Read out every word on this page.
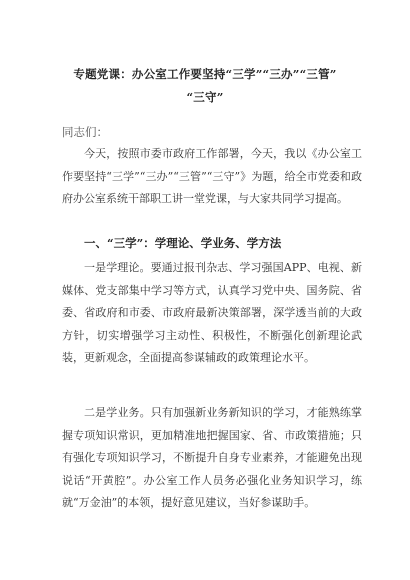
专题党课：办公室工作要坚持“三学”“三办”“三管”
“三守”
同志们：

今天，按照市委市政府工作部署，今天，我以《办公室工作要坚持“三学”“三办”“三管”“三守”》为题，给全市党委和政府办公室系统干部职工讲一堂党课，与大家共同学习提高。

一、“三学”：学理论、学业务、学方法

一是学理论。要通过报刊杂志、学习强国APP、电视、新媒体、党支部集中学习等方式，认真学习党中央、国务院、省委、省政府和市委、市政府最新决策部署，深学透当前的大政方针，切实增强学习主动性、积极性，不断强化创新理论武装，更新观念，全面提高参谋辅政的政策理论水平。

二是学业务。只有加强新业务新知识的学习，才能熟练掌握专项知识常识，更加精准地把握国家、省、市政策措施；只有强化专项知识学习，不断提升自身专业素养，才能避免出现说话“开黄腔”。办公室工作人员务必强化业务知识学习，练就“万金油”的本领，提好意见建议，当好参谋助手。
